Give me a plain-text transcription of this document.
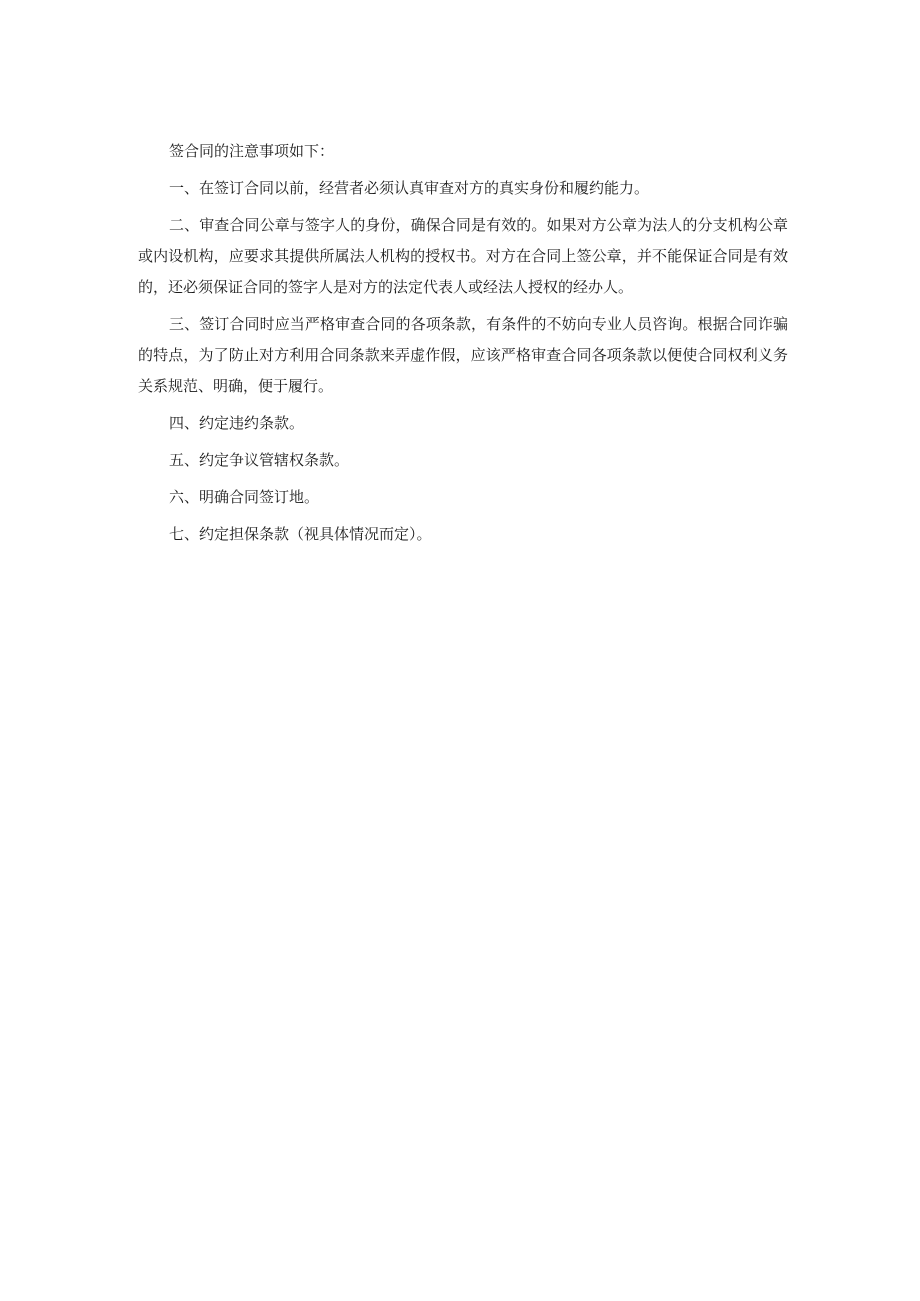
签合同的注意事项如下：

一、在签订合同以前，经营者必须认真审查对方的真实身份和履约能力。

二、审查合同公章与签字人的身份，确保合同是有效的。如果对方公章为法人的分支机构公章或内设机构，应要求其提供所属法人机构的授权书。对方在合同上签公章，并不能保证合同是有效的，还必须保证合同的签字人是对方的法定代表人或经法人授权的经办人。

三、签订合同时应当严格审查合同的各项条款，有条件的不妨向专业人员咨询。根据合同诈骗的特点，为了防止对方利用合同条款来弄虚作假，应该严格审查合同各项条款以便使合同权利义务关系规范、明确，便于履行。

四、约定违约条款。

五、约定争议管辖权条款。

六、明确合同签订地。

七、约定担保条款（视具体情况而定）。
